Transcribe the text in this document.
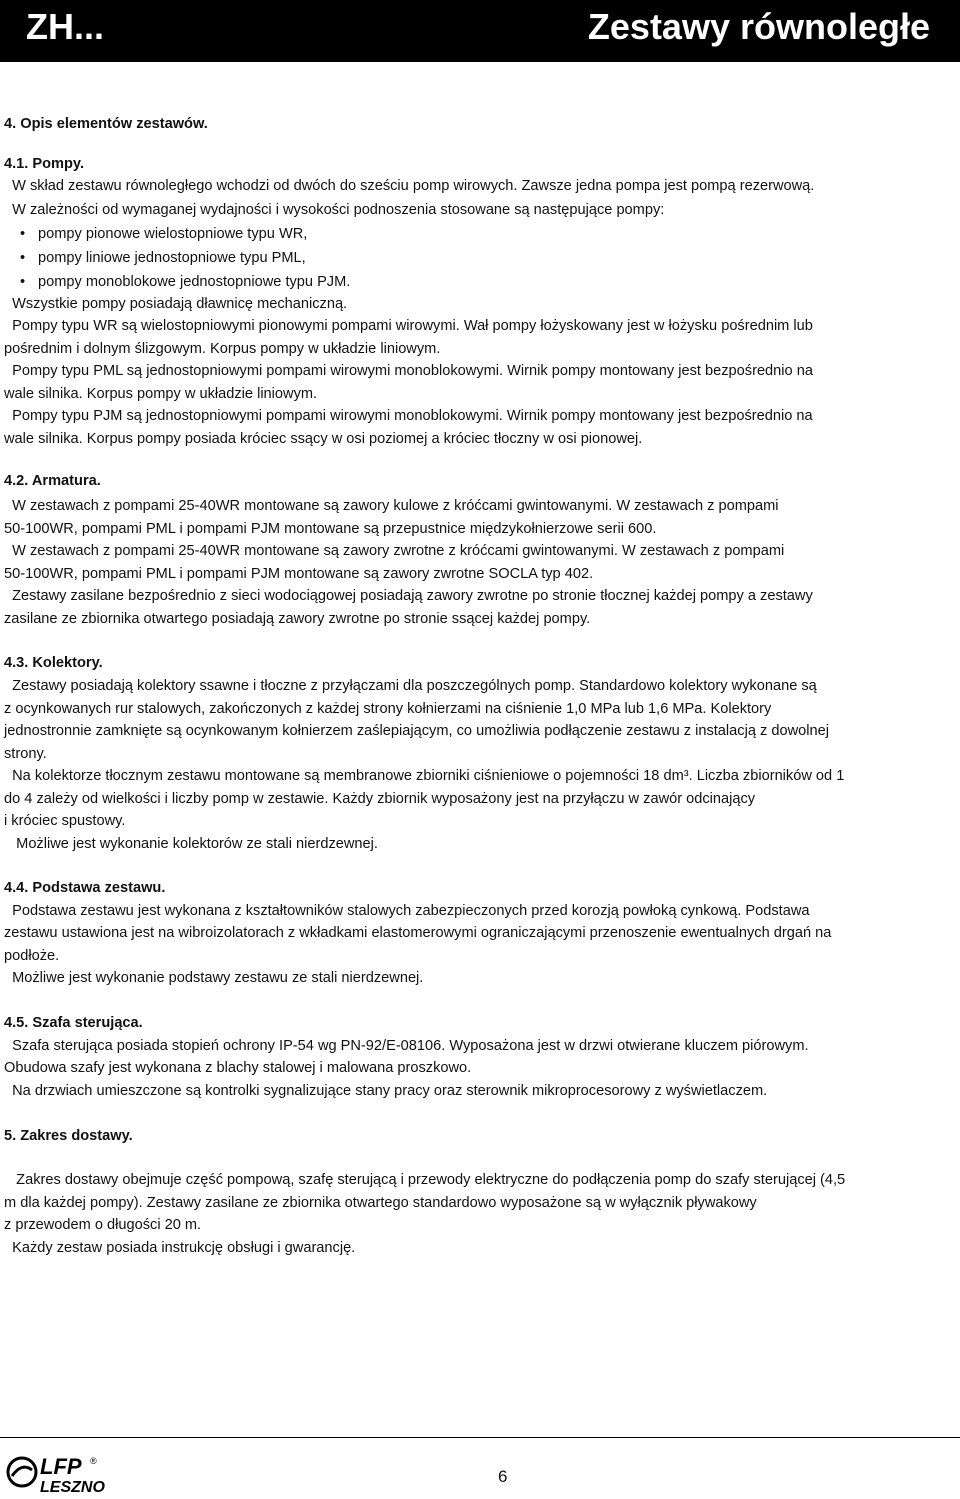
ZH...	Zestawy równoległe
4. Opis elementów zestawów.
4.1. Pompy.
W skład zestawu równoległego wchodzi od dwóch do sześciu pomp wirowych. Zawsze jedna pompa jest pompą rezerwową.
W zależności od wymaganej wydajności i wysokości podnoszenia stosowane są następujące pompy:
• pompy pionowe wielostopniowe typu WR,
• pompy liniowe jednostopniowe typu PML,
• pompy monoblokowe jednostopniowe typu PJM.
Wszystkie pompy posiadają dławnicę mechaniczną.
Pompy typu WR są wielostopniowymi pionowymi pompami wirowymi. Wał pompy łożyskowany jest w łożysku pośrednim lub
pośrednim i dolnym ślizgowym. Korpus pompy w układzie liniowym.
Pompy typu PML są jednostopniowymi pompami wirowymi monoblokowymi. Wirnik pompy montowany jest bezpośrednio na
wale silnika. Korpus pompy w układzie liniowym.
Pompy typu PJM są jednostopniowymi pompami wirowymi monoblokowymi. Wirnik pompy montowany jest bezpośrednio na
wale silnika. Korpus pompy posiada króciec ssący w osi poziomej a króciec tłoczny w osi pionowej.
4.2. Armatura.
W zestawach z pompami 25-40WR montowane są zawory kulowe z króćcami gwintowanymi. W zestawach z pompami
50-100WR, pompami PML i pompami PJM montowane są przepustnice międzykołnierzowe serii 600.
W zestawach z pompami 25-40WR montowane są zawory zwrotne z króćcami gwintowanymi. W zestawach z pompami
50-100WR, pompami PML i pompami PJM montowane są zawory zwrotne SOCLA typ 402.
Zestawy zasilane bezpośrednio z sieci wodociągowej posiadają zawory zwrotne po stronie tłocznej każdej pompy a zestawy
zasilane ze zbiornika otwartego posiadają zawory zwrotne po stronie ssącej każdej pompy.
4.3. Kolektory.
Zestawy posiadają kolektory ssawne i tłoczne z przyłączami dla poszczególnych pomp. Standardowo kolektory wykonane są
z ocynkowanych rur stalowych, zakończonych z każdej strony kołnierzami na ciśnienie 1,0 MPa lub 1,6 MPa. Kolektory
jednostronnie zamknięte są ocynkowanym kołnierzem zaślepiającym, co umożliwia podłączenie zestawu z instalacją z dowolnej
strony.
Na kolektorze tłocznym zestawu montowane są membranowe zbiorniki ciśnieniowe o pojemności 18 dm³. Liczba zbiorników od 1
do 4 zależy od wielkości i liczby pomp w zestawie. Każdy zbiornik wyposażony jest na przyłączu w zawór odcinający
i króciec spustowy.
Możliwe jest wykonanie kolektorów ze stali nierdzewnej.
4.4. Podstawa zestawu.
Podstawa zestawu jest wykonana z kształtowników stalowych zabezpieczonych przed korozją powłoką cynkową. Podstawa
zestawu ustawiona jest na wibroizolatorach z wkładkami elastomerowymi ograniczającymi przenoszenie ewentualnych drgań na
podłoże.
Możliwe jest wykonanie podstawy zestawu ze stali nierdzewnej.
4.5. Szafa sterująca.
Szafa sterująca posiada stopień ochrony IP-54 wg PN-92/E-08106. Wyposażona jest w drzwi otwierane kluczem piórowym.
Obudowa szafy jest wykonana z blachy stalowej i malowana proszkowo.
Na drzwiach umieszczone są kontrolki sygnalizujące stany pracy oraz sterownik mikroprocesorowy z wyświetlaczem.
5. Zakres dostawy.
Zakres dostawy obejmuje część pompową, szafę sterującą i przewody elektryczne do podłączenia pomp do szafy sterującej (4,5
m dla każdej pompy). Zestawy zasilane ze zbiornika otwartego standardowo wyposażone są w wyłącznik pływakowy
z przewodem o długości 20 m.
Każdy zestaw posiada instrukcję obsługi i gwarancję.
LFP ®
LESZNO
6
